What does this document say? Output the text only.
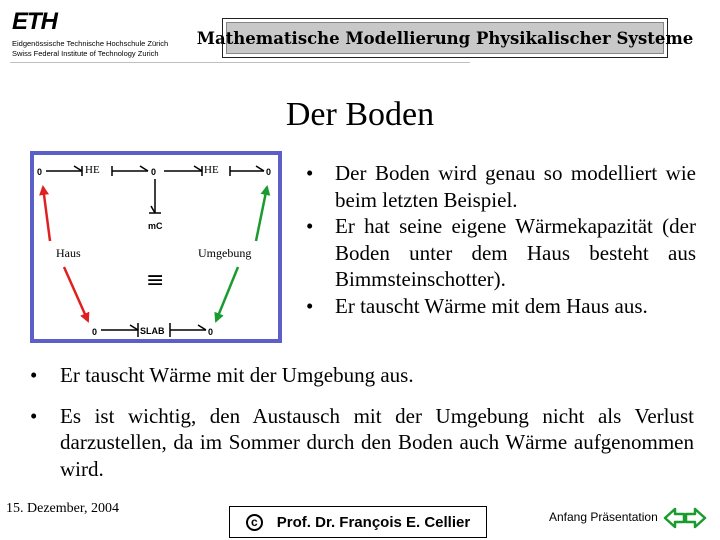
ETH
Eidgenössische Technische Hochschule Zürich
Swiss Federal Institute of Technology Zurich
Mathematische Modellierung Physikalischer Systeme
Der Boden
0	HE	0	HE	0
mC
Haus	Umgebung
≡
0	SLAB	0
• Der Boden wird genau so modelliert wie beim letzten Beispiel.
• Er hat seine eigene Wärmekapazität (der Boden unter dem Haus besteht aus Bimmsteinschotter).
• Er tauscht Wärme mit dem Haus aus.
• Er tauscht Wärme mit der Umgebung aus.
• Es ist wichtig, den Austausch mit der Umgebung nicht als Verlust darzustellen, da im Sommer durch den Boden auch Wärme aufgenommen wird.
15. Dezember, 2004
c	Prof. Dr. François E. Cellier	Anfang Präsentation
